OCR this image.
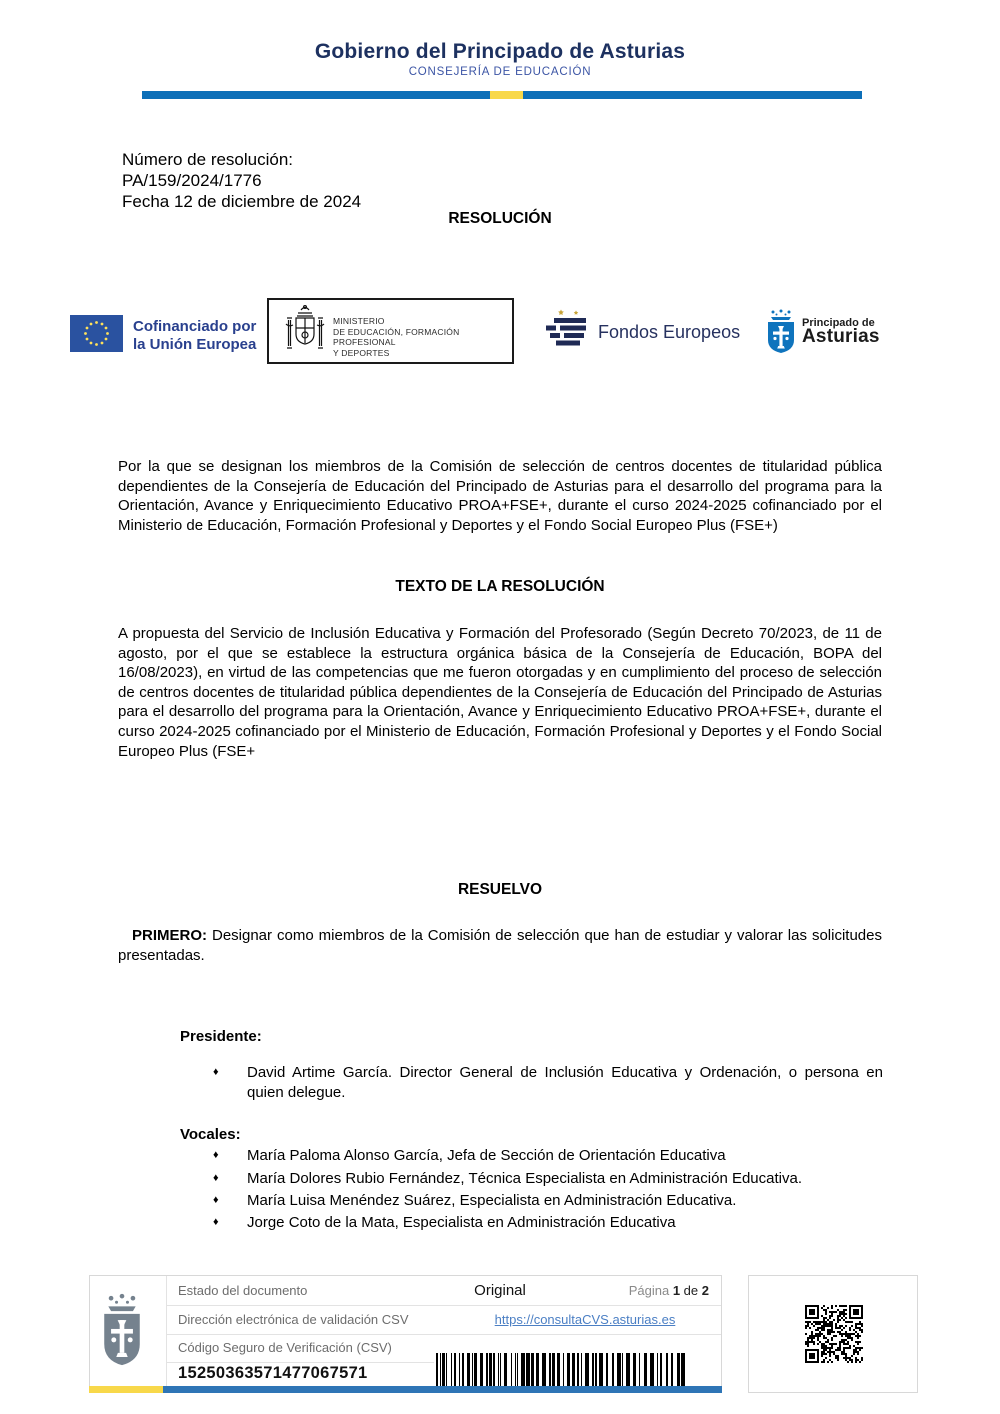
Gobierno del Principado de Asturias
CONSEJERÍA DE EDUCACIÓN
Número de resolución:
PA/159/2024/1776
Fecha 12 de diciembre de 2024
RESOLUCIÓN
Cofinanciado por
la Unión Europea
MINISTERIO
DE EDUCACIÓN, FORMACIÓN PROFESIONAL
Y DEPORTES
Fondos Europeos	Principado de
Asturias
Por la que se designan los miembros de la Comisión de selección de centros docentes de titularidad pública dependientes de la Consejería de Educación del Principado de Asturias para el desarrollo del programa para la Orientación, Avance y Enriquecimiento Educativo PROA+FSE+, durante el curso 2024-2025 cofinanciado por el Ministerio de Educación, Formación Profesional y Deportes y el Fondo Social Europeo Plus (FSE+)
TEXTO DE LA RESOLUCIÓN
A propuesta del Servicio de Inclusión Educativa y Formación del Profesorado (Según Decreto 70/2023, de 11 de agosto, por el que se establece la estructura orgánica básica de la Consejería de Educación, BOPA del 16/08/2023), en virtud de las competencias que me fueron otorgadas y en cumplimiento del proceso de selección de centros docentes de titularidad pública dependientes de la Consejería de Educación del Principado de Asturias para el desarrollo del programa para la Orientación, Avance y Enriquecimiento Educativo PROA+FSE+, durante el curso 2024-2025 cofinanciado por el Ministerio de Educación, Formación Profesional y Deportes y el Fondo Social Europeo Plus (FSE+
RESUELVO
PRIMERO: Designar como miembros de la Comisión de selección que han de estudiar y valorar las solicitudes presentadas.
Presidente:
♦ David Artime García. Director General de Inclusión Educativa y Ordenación, o persona en quien delegue.
Vocales:
♦ María Paloma Alonso García, Jefa de Sección de Orientación Educativa
♦ María Dolores Rubio Fernández, Técnica Especialista en Administración Educativa.
♦ María Luisa Menéndez Suárez, Especialista en Administración Educativa.
♦ Jorge Coto de la Mata, Especialista en Administración Educativa
Estado del documento	Original	Página 1 de 2
Dirección electrónica de validación CSV	https://consultaCVS.asturias.es
Código Seguro de Verificación (CSV)
15250363571477067571
